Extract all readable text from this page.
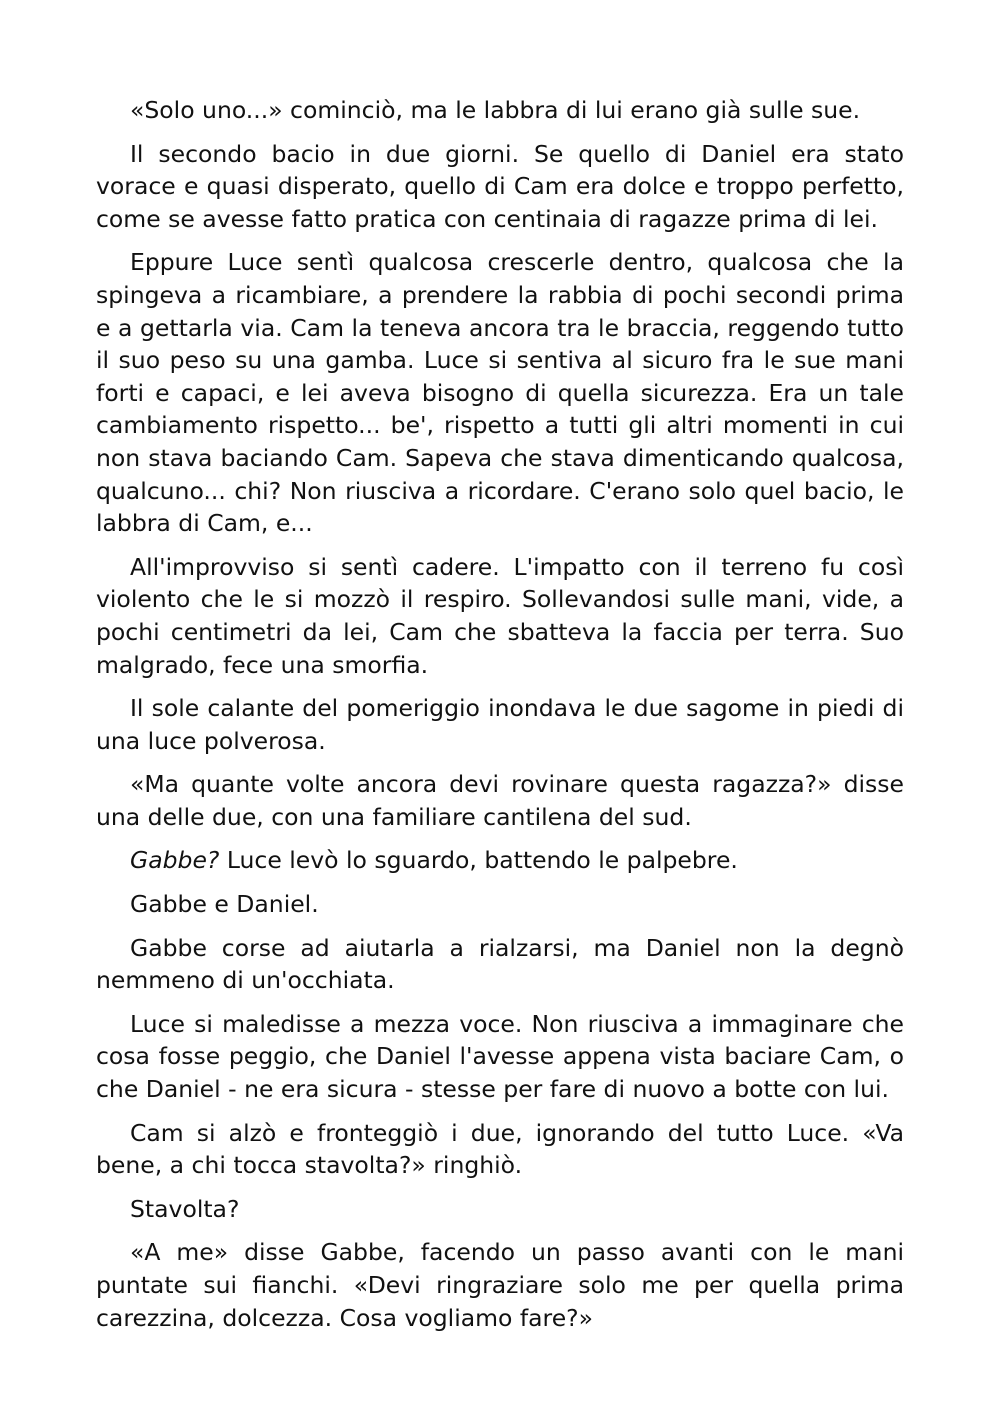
«Solo uno...» cominciò, ma le labbra di lui erano già sulle sue.

Il secondo bacio in due giorni. Se quello di Daniel era stato vorace e quasi disperato, quello di Cam era dolce e troppo perfetto, come se avesse fatto pratica con centinaia di ragazze prima di lei.

Eppure Luce sentì qualcosa crescerle dentro, qualcosa che la spingeva a ricambiare, a prendere la rabbia di pochi secondi prima e a gettarla via. Cam la teneva ancora tra le braccia, reggendo tutto il suo peso su una gamba. Luce si sentiva al sicuro fra le sue mani forti e capaci, e lei aveva bisogno di quella sicurezza. Era un tale cambiamento rispetto... be', rispetto a tutti gli altri momenti in cui non stava baciando Cam. Sapeva che stava dimenticando qualcosa, qualcuno... chi? Non riusciva a ricordare. C'erano solo quel bacio, le labbra di Cam, e...

All'improvviso si sentì cadere. L'impatto con il terreno fu così violento che le si mozzò il respiro. Sollevandosi sulle mani, vide, a pochi centimetri da lei, Cam che sbatteva la faccia per terra. Suo malgrado, fece una smorfia.

Il sole calante del pomeriggio inondava le due sagome in piedi di una luce polverosa.

«Ma quante volte ancora devi rovinare questa ragazza?» disse una delle due, con una familiare cantilena del sud.

Gabbe? Luce levò lo sguardo, battendo le palpebre.

Gabbe e Daniel.

Gabbe corse ad aiutarla a rialzarsi, ma Daniel non la degnò nemmeno di un'occhiata.

Luce si maledisse a mezza voce. Non riusciva a immaginare che cosa fosse peggio, che Daniel l'avesse appena vista baciare Cam, o che Daniel - ne era sicura - stesse per fare di nuovo a botte con lui.

Cam si alzò e fronteggiò i due, ignorando del tutto Luce. «Va bene, a chi tocca stavolta?» ringhiò.

Stavolta?

«A me» disse Gabbe, facendo un passo avanti con le mani puntate sui fianchi. «Devi ringraziare solo me per quella prima carezzina, dolcezza. Cosa vogliamo fare?»
